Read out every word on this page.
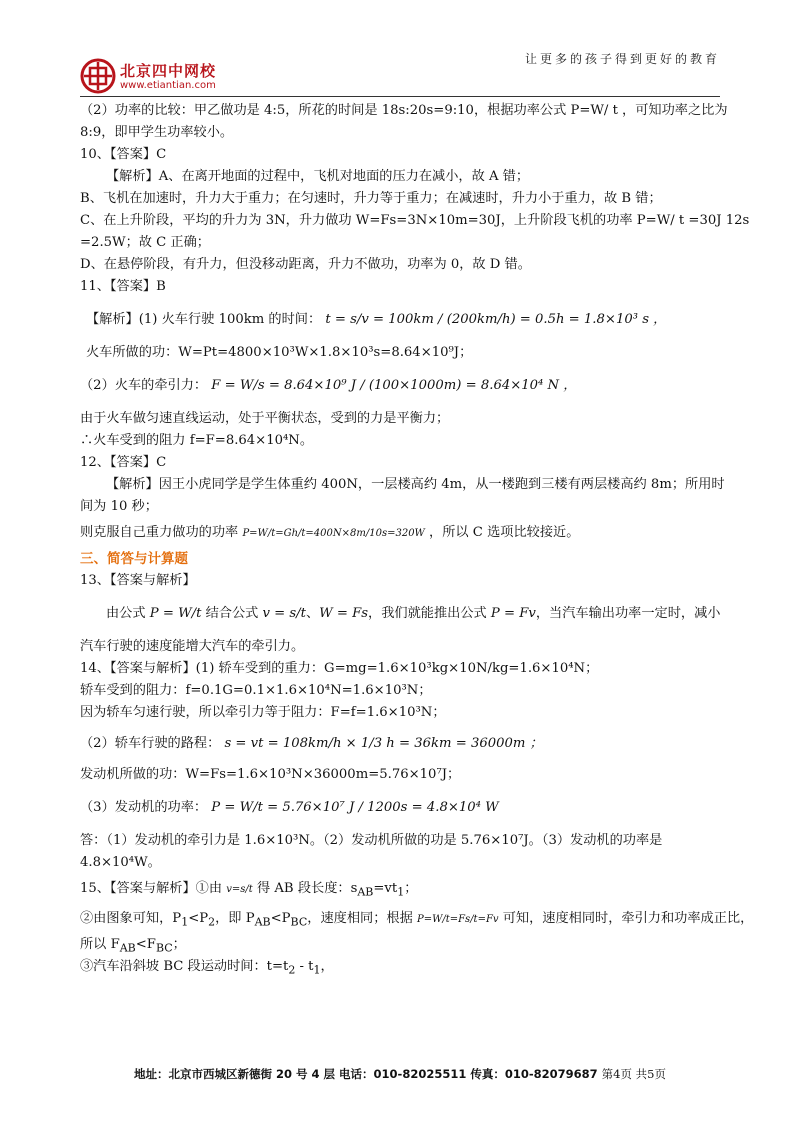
北京四中网校
www.etiantian.com
让更多的孩子得到更好的教育
（2）功率的比较：甲乙做功是 4:5，所花的时间是 18s:20s=9:10，根据功率公式 P=W/ t ，可知功率之比为
8:9，即甲学生功率较小。
10、【答案】C
【解析】A、在离开地面的过程中，飞机对地面的压力在减小，故 A 错；
B、飞机在加速时，升力大于重力；在匀速时，升力等于重力；在减速时，升力小于重力，故 B 错；
C、在上升阶段，平均的升力为 3N，升力做功 W=Fs=3N×10m=30J，上升阶段飞机的功率 P=W/ t =30J 12s
=2.5W；故 C 正确；
D、在悬停阶段，有升力，但没移动距离，升力不做功，功率为 0，故 D 错。
11、【答案】B
【解析】(1) 火车行驶 100km 的时间： t = s/v = 100km / (200km/h) = 0.5h = 1.8×10³ s ，
火车所做的功：W=Pt=4800×10³W×1.8×10³s=8.64×10⁹J；
（2）火车的牵引力： F = W/s = 8.64×10⁹ J / (100×1000m) = 8.64×10⁴ N ，
由于火车做匀速直线运动，处于平衡状态，受到的力是平衡力；
∴火车受到的阻力 f=F=8.64×10⁴N。
12、【答案】C
【解析】因王小虎同学是学生体重约 400N，一层楼高约 4m，从一楼跑到三楼有两层楼高约 8m；所用时
间为 10 秒；
则克服自己重力做功的功率 P=W/t=Gh/t=400N×8m/10s=320W ，所以 C 选项比较接近。
三、简答与计算题
13、【答案与解析】
由公式 P = W/t 结合公式 v = s/t、W = Fs，我们就能推出公式 P = Fv，当汽车输出功率一定时，减小
汽车行驶的速度能增大汽车的牵引力。
14、【答案与解析】(1) 轿车受到的重力：G=mg=1.6×10³kg×10N/kg=1.6×10⁴N；
轿车受到的阻力：f=0.1G=0.1×1.6×10⁴N=1.6×10³N；
因为轿车匀速行驶，所以牵引力等于阻力：F=f=1.6×10³N；
（2）轿车行驶的路程： s = vt = 108km/h × 1/3 h = 36km = 36000m ；
发动机所做的功：W=Fs=1.6×10³N×36000m=5.76×10⁷J；
（3）发动机的功率： P = W/t = 5.76×10⁷ J / 1200s = 4.8×10⁴ W
答：（1）发动机的牵引力是 1.6×10³N。（2）发动机所做的功是 5.76×10⁷J。（3）发动机的功率是
4.8×10⁴W。
15、【答案与解析】①由 v=s/t 得 AB 段长度：$s_{AB}=vt_1$；
②由图象可知，$P_1<P_2$，即 $P_{AB}<P_{BC}$，速度相同；根据 P=W/t=Fs/t=Fv 可知，速度相同时，牵引力和功率成正比，
所以 $F_{AB}<F_{BC}$；
③汽车沿斜坡 BC 段运动时间：$t=t_2 - t_1$，
地址：北京市西城区新德街 20 号 4 层 电话：010-82025511 传真：010-82079687 第4页 共5页
